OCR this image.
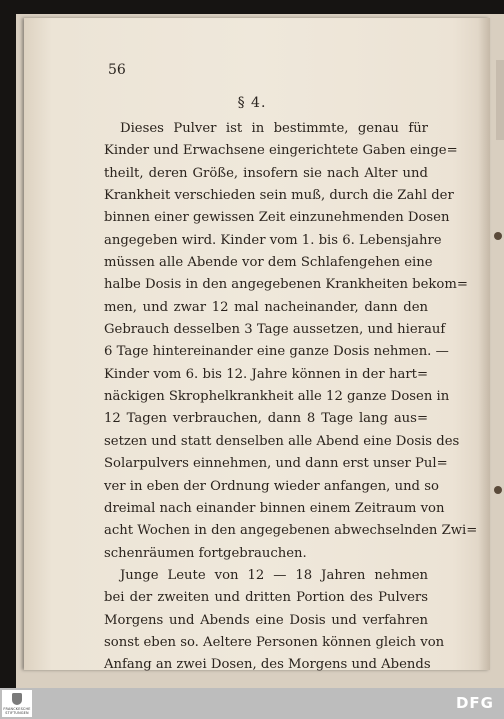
56
§ 4.
Dieses Pulver ist in bestimmte, genau für
Kinder und Erwachsene eingerichtete Gaben einge=
theilt, deren Größe, insofern sie nach Alter und
Krankheit verschieden sein muß, durch die Zahl der
binnen einer gewissen Zeit einzunehmenden Dosen
angegeben wird. Kinder vom 1. bis 6. Lebensjahre
müssen alle Abende vor dem Schlafengehen eine
halbe Dosis in den angegebenen Krankheiten bekom=
men, und zwar 12 mal nacheinander, dann den
Gebrauch desselben 3 Tage aussetzen, und hierauf
6 Tage hintereinander eine ganze Dosis nehmen. —
Kinder vom 6. bis 12. Jahre können in der hart=
näckigen Skrophelkrankheit alle 12 ganze Dosen in
12 Tagen verbrauchen, dann 8 Tage lang aus=
setzen und statt denselben alle Abend eine Dosis des
Solarpulvers einnehmen, und dann erst unser Pul=
ver in eben der Ordnung wieder anfangen, und so
dreimal nach einander binnen einem Zeitraum von
acht Wochen in den angegebenen abwechselnden Zwi=
schenräumen fortgebrauchen.
Junge Leute von 12 — 18 Jahren nehmen
bei der zweiten und dritten Portion des Pulvers
Morgens und Abends eine Dosis und verfahren
sonst eben so. Aeltere Personen können gleich von
Anfang an zwei Dosen, des Morgens und Abends
FRANCKESCHE STIFTUNGEN
DFG
